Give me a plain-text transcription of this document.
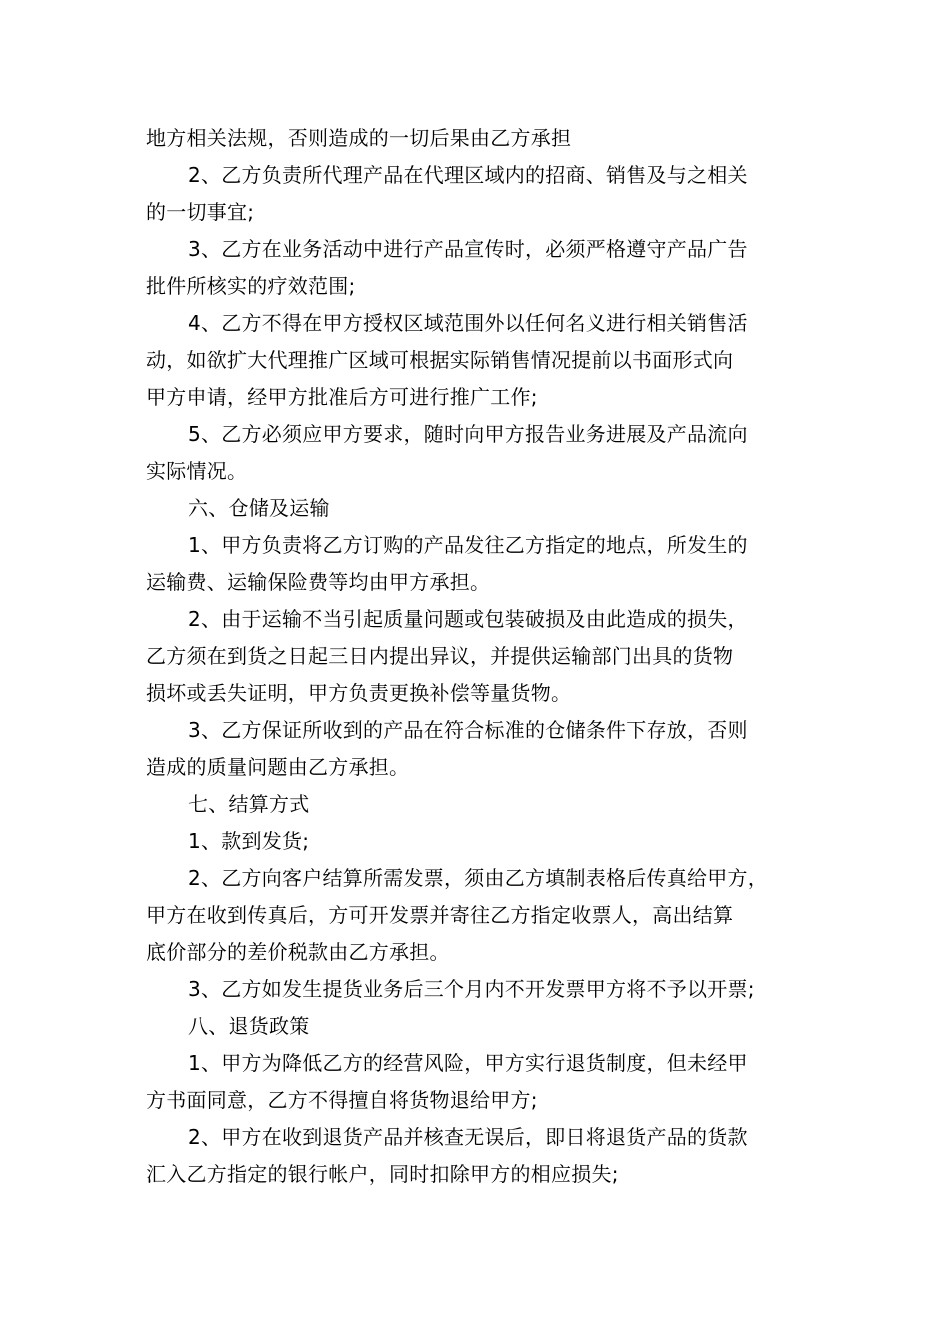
地方相关法规，否则造成的一切后果由乙方承担
2、乙方负责所代理产品在代理区域内的招商、销售及与之相关
的一切事宜;
3、乙方在业务活动中进行产品宣传时，必须严格遵守产品广告
批件所核实的疗效范围;
4、乙方不得在甲方授权区域范围外以任何名义进行相关销售活
动，如欲扩大代理推广区域可根据实际销售情况提前以书面形式向
甲方申请，经甲方批准后方可进行推广工作;
5、乙方必须应甲方要求，随时向甲方报告业务进展及产品流向
实际情况。
六、仓储及运输
1、甲方负责将乙方订购的产品发往乙方指定的地点，所发生的
运输费、运输保险费等均由甲方承担。
2、由于运输不当引起质量问题或包装破损及由此造成的损失，
乙方须在到货之日起三日内提出异议，并提供运输部门出具的货物
损坏或丢失证明，甲方负责更换补偿等量货物。
3、乙方保证所收到的产品在符合标准的仓储条件下存放，否则
造成的质量问题由乙方承担。
七、结算方式
1、款到发货;
2、乙方向客户结算所需发票，须由乙方填制表格后传真给甲方，
甲方在收到传真后，方可开发票并寄往乙方指定收票人，高出结算
底价部分的差价税款由乙方承担。
3、乙方如发生提货业务后三个月内不开发票甲方将不予以开票;
八、退货政策
1、甲方为降低乙方的经营风险，甲方实行退货制度，但未经甲
方书面同意，乙方不得擅自将货物退给甲方;
2、甲方在收到退货产品并核查无误后，即日将退货产品的货款
汇入乙方指定的银行帐户，同时扣除甲方的相应损失;
